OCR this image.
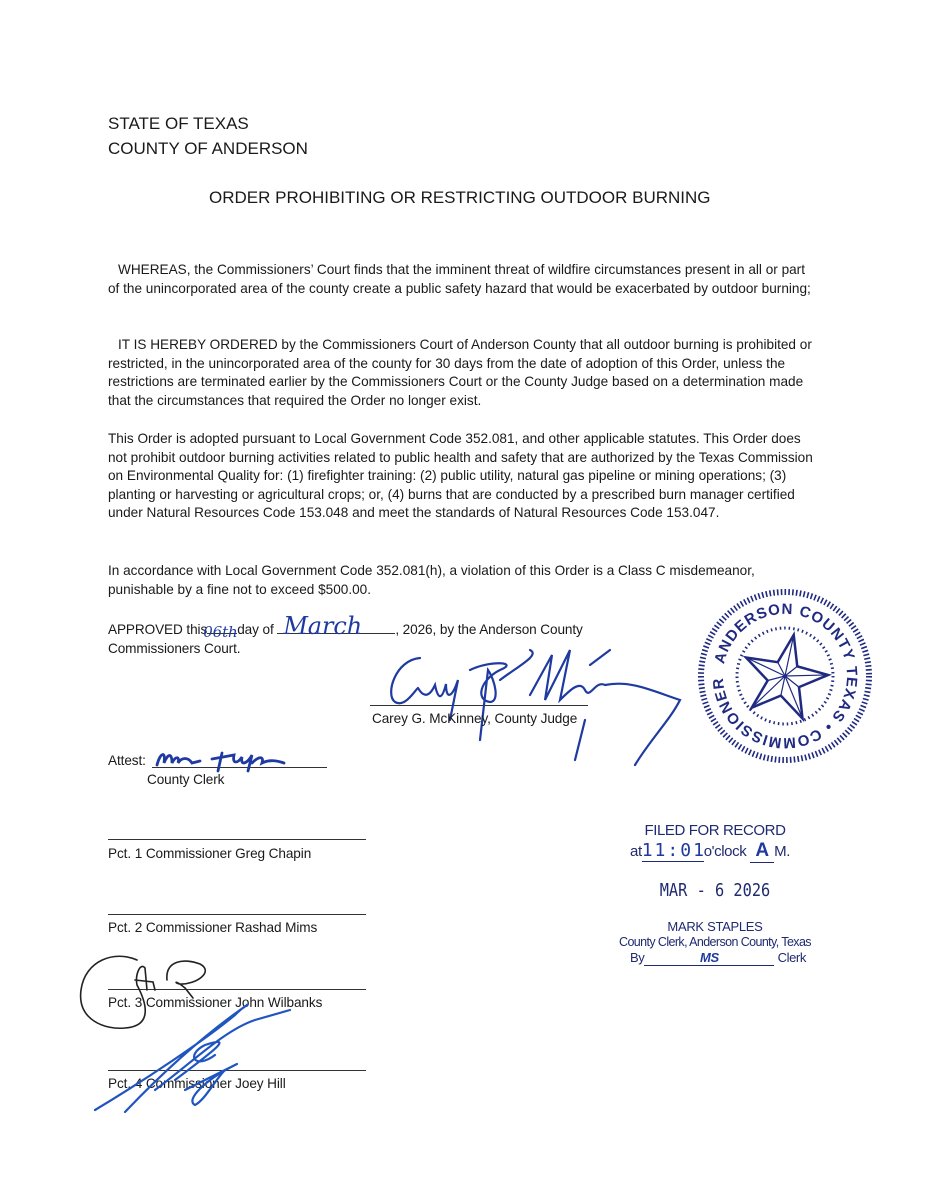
STATE OF TEXAS
COUNTY OF ANDERSON
ORDER PROHIBITING OR RESTRICTING OUTDOOR BURNING
WHEREAS, the Commissioners’ Court finds that the imminent threat of wildfire circumstances present in all or part of the unincorporated area of the county create a public safety hazard that would be exacerbated by outdoor burning;
IT IS HEREBY ORDERED by the Commissioners Court of Anderson County that all outdoor burning is prohibited or restricted, in the unincorporated area of the county for 30 days from the date of adoption of this Order, unless the restrictions are terminated earlier by the Commissioners Court or the County Judge based on a determination made that the circumstances that required the Order no longer exist.
This Order is adopted pursuant to Local Government Code 352.081, and other applicable statutes. This Order does not prohibit outdoor burning activities related to public health and safety that are authorized by the Texas Commission on Environmental Quality for: (1) firefighter training: (2) public utility, natural gas pipeline or mining operations; (3) planting or harvesting or agricultural crops; or, (4) burns that are conducted by a prescribed burn manager certified under Natural Resources Code 153.048 and meet the standards of Natural Resources Code 153.047.
In accordance with Local Government Code 352.081(h), a violation of this Order is a Class C misdemeanor, punishable by a fine not to exceed $500.00.
APPROVED this
06th day of March , 2026, by the Anderson County
Commissioners Court.
Carey G. McKinney, County Judge
ANDERSON COUNTY TEXAS • COMMISSIONERS COURT,
Attest:
County Clerk
Pct. 1 Commissioner Greg Chapin
Pct. 2 Commissioner Rashad Mims
Pct. 3 Commissioner John Wilbanks
Pct. 4 Commissioner Joey Hill
FILED FOR RECORD
at11:01o'clock A M.
MAR - 6 2026
MARK STAPLES
County Clerk, Anderson County, Texas
By	MS	Clerk
